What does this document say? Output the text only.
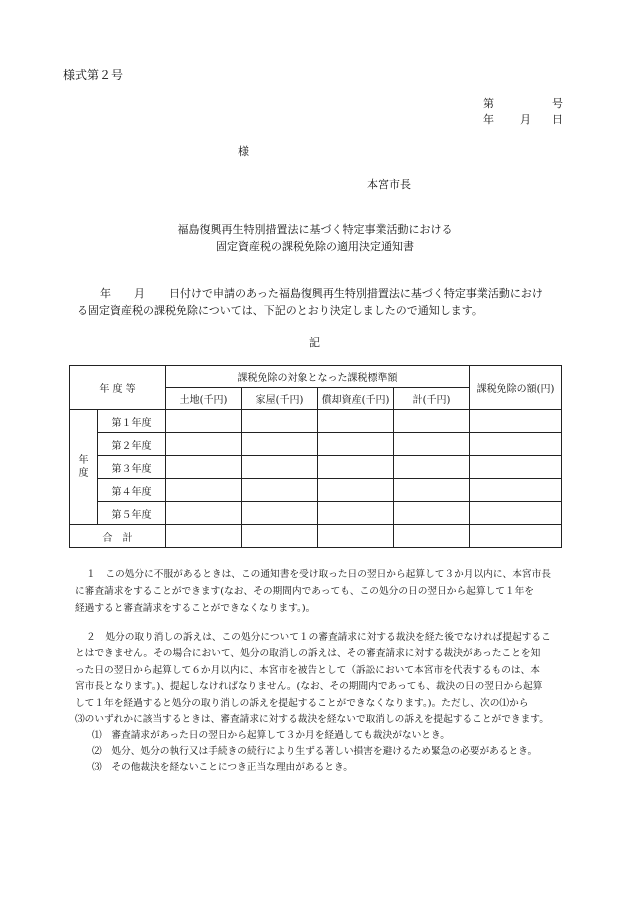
様式第２号
第	号
年 月 日
様
本宮市長
福島復興再生特別措置法に基づく特定事業活動における
固定資産税の課税免除の適用決定通知書
年 月 日付けで申請のあった福島復興再生特別措置法に基づく特定事業活動におけ
る固定資産税の課税免除については、下記のとおり決定しましたので通知します。
記
年 度 等		課税免除の対象となった課税標準額				課税免除の額(円)
		土地(千円)	家屋(千円)	償却資産(千円)	計(千円)	
年度	第１年度					
	第２年度					
	第３年度					
	第４年度					
	第５年度					
合　計						
１　この処分に不服があるときは、この通知書を受け取った日の翌日から起算して３か月以内に、本宮市長
に審査請求をすることができます(なお、その期間内であっても、この処分の日の翌日から起算して１年を
経過すると審査請求をすることができなくなります。)。
２　処分の取り消しの訴えは、この処分について１の審査請求に対する裁決を経た後でなければ提起するこ
とはできません。その場合において、処分の取消しの訴えは、その審査請求に対する裁決があったことを知
った日の翌日から起算して６か月以内に、本宮市を被告として（訴訟において本宮市を代表するものは、本
宮市長となります。)、提起しなければなりません。(なお、その期間内であっても、裁決の日の翌日から起算
して１年を経過すると処分の取り消しの訴えを提起することができなくなります。)。ただし、次の⑴から
⑶のいずれかに該当するときは、審査請求に対する裁決を経ないで取消しの訴えを提起することができます。
⑴　審査請求があった日の翌日から起算して３か月を経過しても裁決がないとき。
⑵　処分、処分の執行又は手続きの続行により生ずる著しい損害を避けるため緊急の必要があるとき。
⑶　その他裁決を経ないことにつき正当な理由があるとき。
